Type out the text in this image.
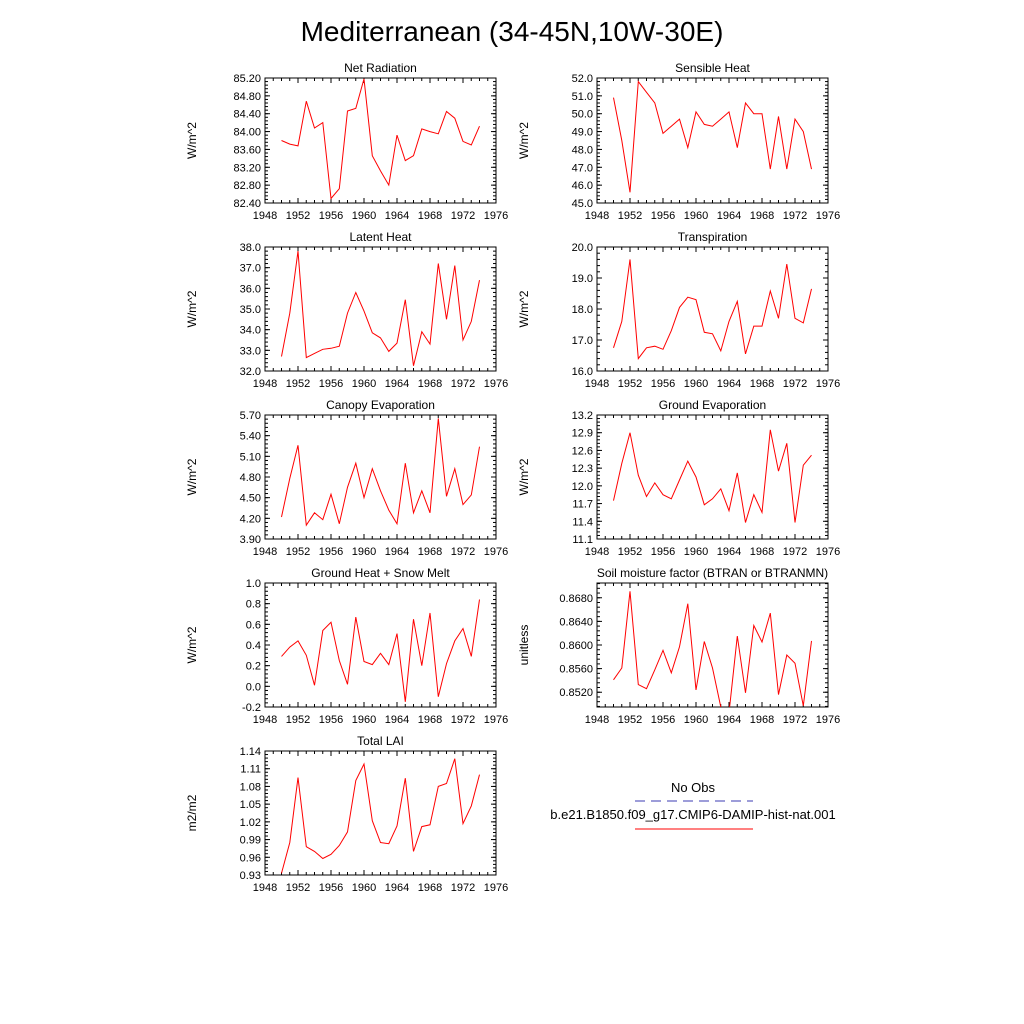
Mediterranean (34-45N,10W-30E)
1948 1952 1956 1960 1964 1968 1972 1976
82.40
82.80
83.20
83.60
84.00
84.40
84.80
85.20
Net Radiation
W/m^2
1948 1952 1956 1960 1964 1968 1972 1976
45.0
46.0
47.0
48.0
49.0
50.0
51.0
52.0
Sensible Heat
W/m^2
1948 1952 1956 1960 1964 1968 1972 1976
32.0
33.0
34.0
35.0
36.0
37.0
38.0
Latent Heat
W/m^2
1948 1952 1956 1960 1964 1968 1972 1976
16.0
17.0
18.0
19.0
20.0
Transpiration
W/m^2
1948 1952 1956 1960 1964 1968 1972 1976
3.90
4.20
4.50
4.80
5.10
5.40
5.70
Canopy Evaporation
W/m^2
1948 1952 1956 1960 1964 1968 1972 1976
11.1
11.4
11.7
12.0
12.3
12.6
12.9
13.2
Ground Evaporation
W/m^2
1948 1952 1956 1960 1964 1968 1972 1976
-0.2
0.0
0.2
0.4
0.6
0.8
1.0
Ground Heat + Snow Melt
W/m^2
1948 1952 1956 1960 1964 1968 1972 1976
0.8520
0.8560
0.8600
0.8640
0.8680
Soil moisture factor (BTRAN or BTRANMN)
unitless
1948 1952 1956 1960 1964 1968 1972 1976
0.93
0.96
0.99
1.02
1.05
1.08
1.11
1.14
Total LAI
m2/m2
No Obs
b.e21.B1850.f09_g17.CMIP6-DAMIP-hist-nat.001
